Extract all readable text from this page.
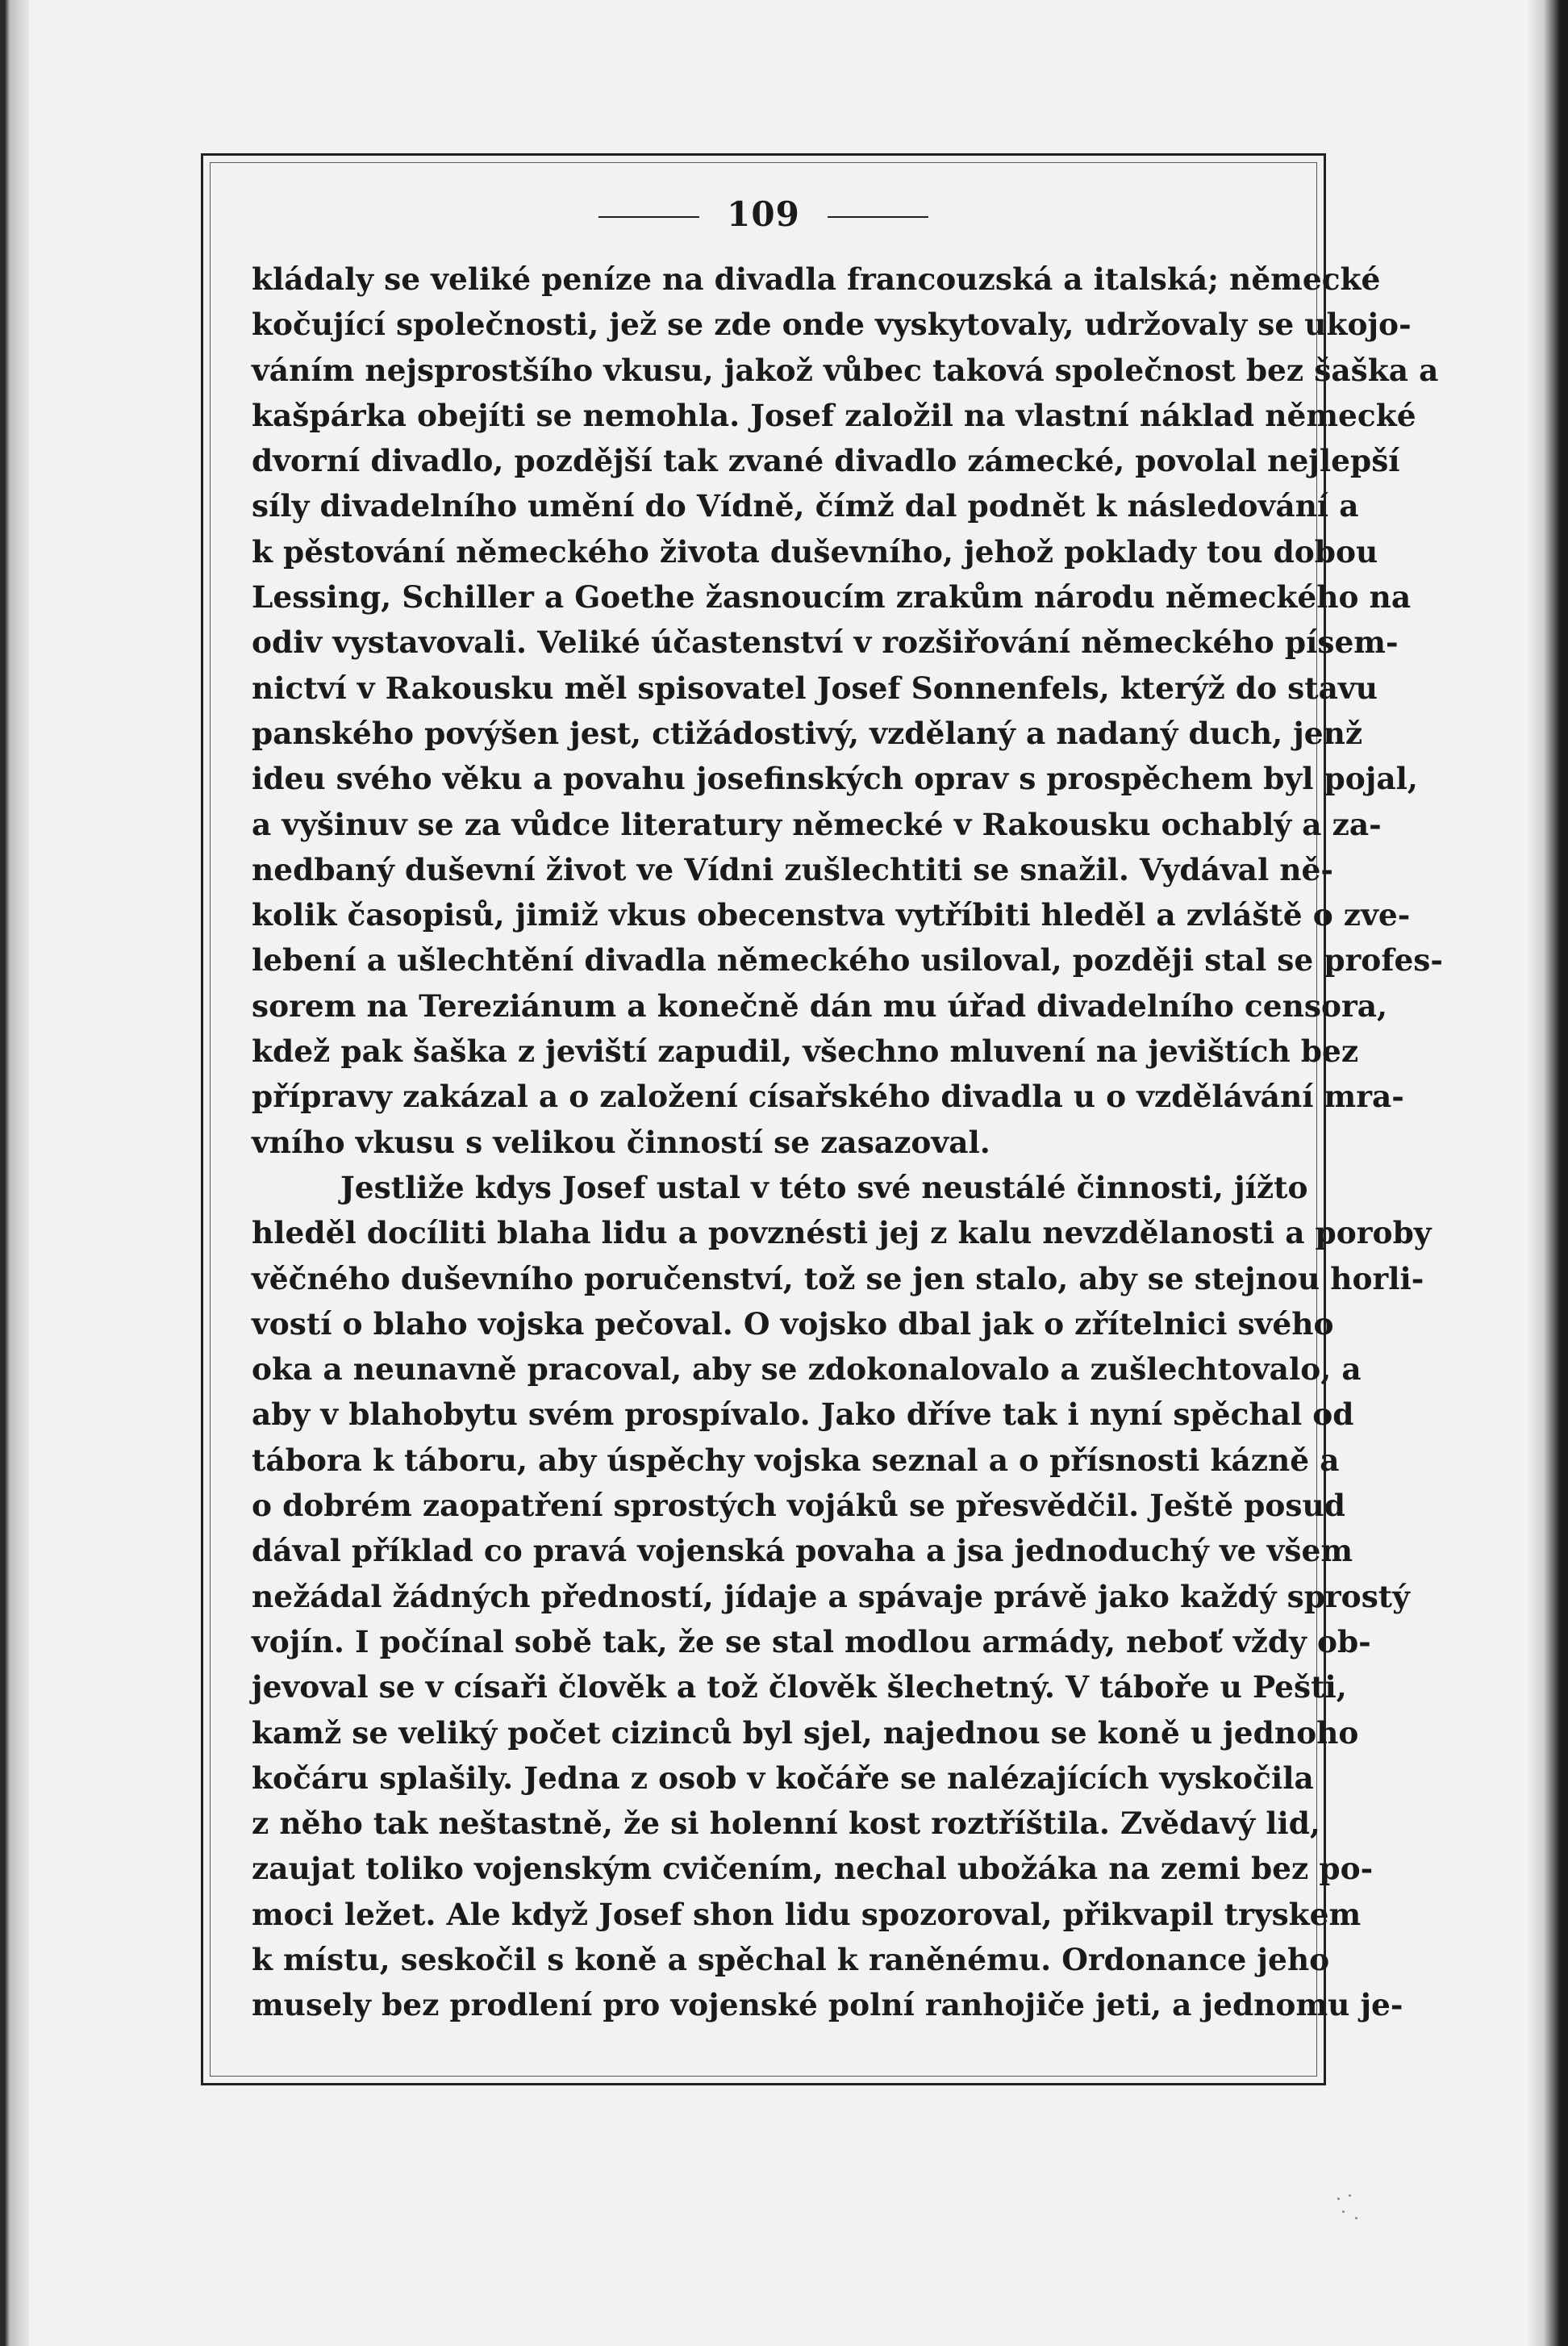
109
kládaly se veliké peníze na divadla francouzská a italská; německé
kočující společnosti, jež se zde onde vyskytovaly, udržovaly se ukojo-
váním nejsprostšího vkusu, jakož vůbec taková společnost bez šaška a
kašpárka obejíti se nemohla. Josef založil na vlastní náklad německé
dvorní divadlo, pozdější tak zvané divadlo zámecké, povolal nejlepší
síly divadelního umění do Vídně, čímž dal podnět k následování a
k pěstování německého života duševního, jehož poklady tou dobou
Lessing, Schiller a Goethe žasnoucím zrakům národu německého na
odiv vystavovali. Veliké účastenství v rozšiřování německého písem-
nictví v Rakousku měl spisovatel Josef Sonnenfels, kterýž do stavu
panského povýšen jest, ctižádostivý, vzdělaný a nadaný duch, jenž
ideu svého věku a povahu josefinských oprav s prospěchem byl pojal,
a vyšinuv se za vůdce literatury německé v Rakousku ochablý a za-
nedbaný duševní život ve Vídni zušlechtiti se snažil. Vydával ně-
kolik časopisů, jimiž vkus obecenstva vytříbiti hleděl a zvláště o zve-
lebení a ušlechtění divadla německého usiloval, později stal se profes-
sorem na Tereziánum a konečně dán mu úřad divadelního censora,
kdež pak šaška z jeviští zapudil, všechno mluvení na jevištích bez
přípravy zakázal a o založení císařského divadla u o vzdělávání mra-
vního vkusu s velikou činností se zasazoval.
Jestliže kdys Josef ustal v této své neustálé činnosti, jížto
hleděl docíliti blaha lidu a povznésti jej z kalu nevzdělanosti a poroby
věčného duševního poručenství, tož se jen stalo, aby se stejnou horli-
vostí o blaho vojska pečoval. O vojsko dbal jak o zřítelnici svého
oka a neunavně pracoval, aby se zdokonalovalo a zušlechtovalo, a
aby v blahobytu svém prospívalo. Jako dříve tak i nyní spěchal od
tábora k táboru, aby úspěchy vojska seznal a o přísnosti kázně a
o dobrém zaopatření sprostých vojáků se přesvědčil. Ještě posud
dával příklad co pravá vojenská povaha a jsa jednoduchý ve všem
nežádal žádných předností, jídaje a spávaje právě jako každý sprostý
vojín. I počínal sobě tak, že se stal modlou armády, neboť vždy ob-
jevoval se v císaři člověk a tož člověk šlechetný. V táboře u Pešti,
kamž se veliký počet cizinců byl sjel, najednou se koně u jednoho
kočáru splašily. Jedna z osob v kočáře se nalézajících vyskočila
z něho tak neštastně, že si holenní kost roztříštila. Zvědavý lid,
zaujat toliko vojenským cvičením, nechal ubožáka na zemi bez po-
moci ležet. Ale když Josef shon lidu spozoroval, přikvapil tryskem
k místu, seskočil s koně a spěchal k raněnému. Ordonance jeho
musely bez prodlení pro vojenské polní ranhojiče jeti, a jednomu je-
